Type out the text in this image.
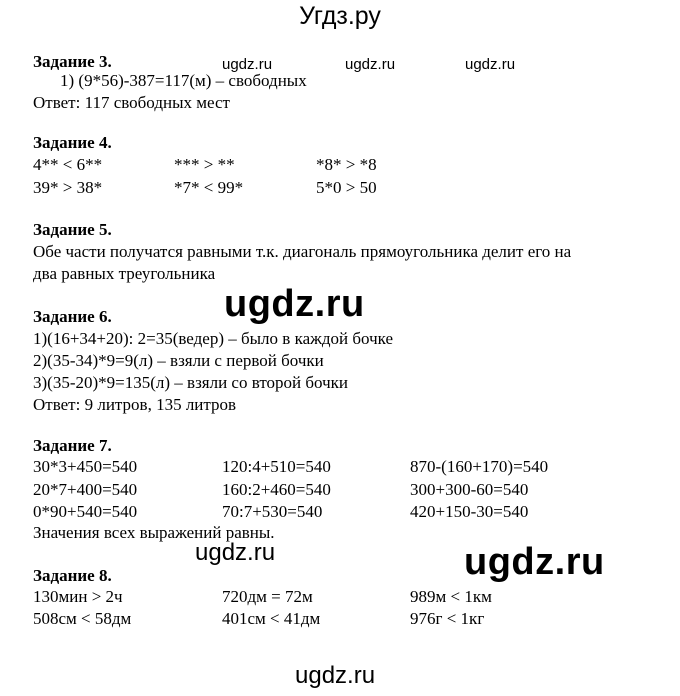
Угдз.ру
ugdz.ru	ugdz.ru	ugdz.ru
Задание 3.
1) (9*56)-387=117(м) – свободных
Ответ: 117 свободных мест
Задание 4.
4** < 6**	*** > **	*8* > *8
39* > 38*	*7* < 99*	5*0 > 50
Задание 5.
Обе части получатся равными т.к. диагональ прямоугольника делит его на
два равных треугольника
ugdz.ru
Задание 6.
1)(16+34+20): 2=35(ведер) – было в каждой бочке
2)(35-34)*9=9(л) – взяли с первой бочки
3)(35-20)*9=135(л) – взяли со второй бочки
Ответ: 9 литров, 135 литров
Задание 7.
30*3+450=540	120:4+510=540	870-(160+170)=540
20*7+400=540	160:2+460=540	300+300-60=540
0*90+540=540	70:7+530=540	420+150-30=540
Значения всех выражений равны.
ugdz.ru	ugdz.ru
Задание 8.
130мин > 2ч	720дм = 72м	989м < 1км
508см < 58дм	401см < 41дм	976г < 1кг
ugdz.ru
